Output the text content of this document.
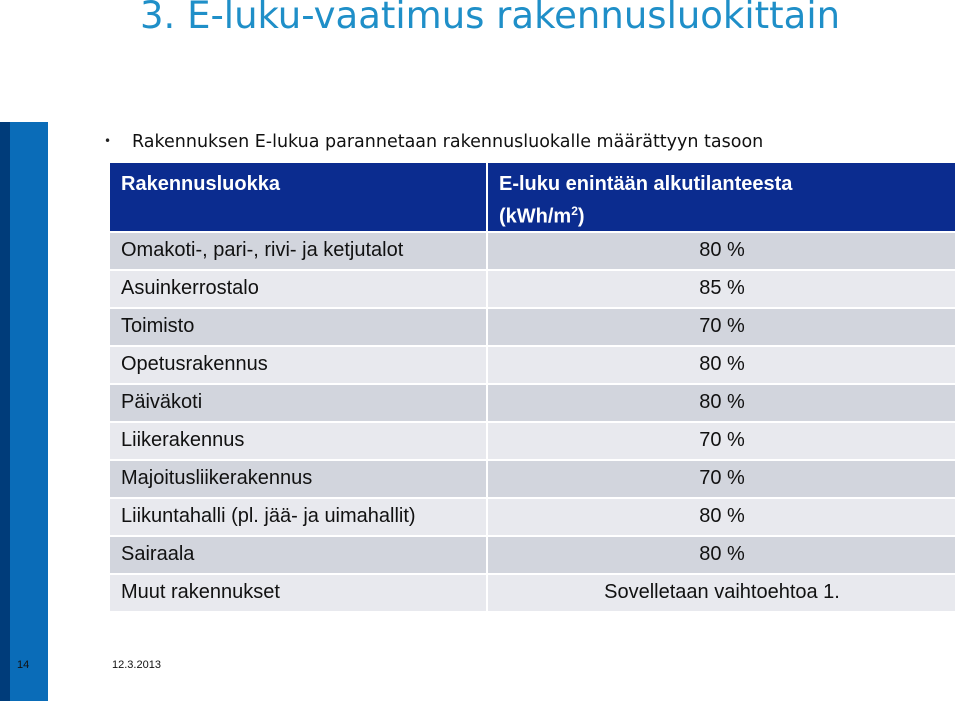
3. E-luku-vaatimus rakennusluokittain
• Rakennuksen E-lukua parannetaan rakennusluokalle määrättyyn tasoon
Rakennusluokka	E-luku enintään alkutilanteesta
$(kWh/m^2)$
Omakoti-, pari-, rivi- ja ketjutalot	80 %
Asuinkerrostalo	85 %
Toimisto	70 %
Opetusrakennus	80 %
Päiväkoti	80 %
Liikerakennus	70 %
Majoitusliikerakennus	70 %
Liikuntahalli (pl. jää- ja uimahallit)	80 %
Sairaala	80 %
Muut rakennukset	Sovelletaan vaihtoehtoa 1.
14	12.3.2013
